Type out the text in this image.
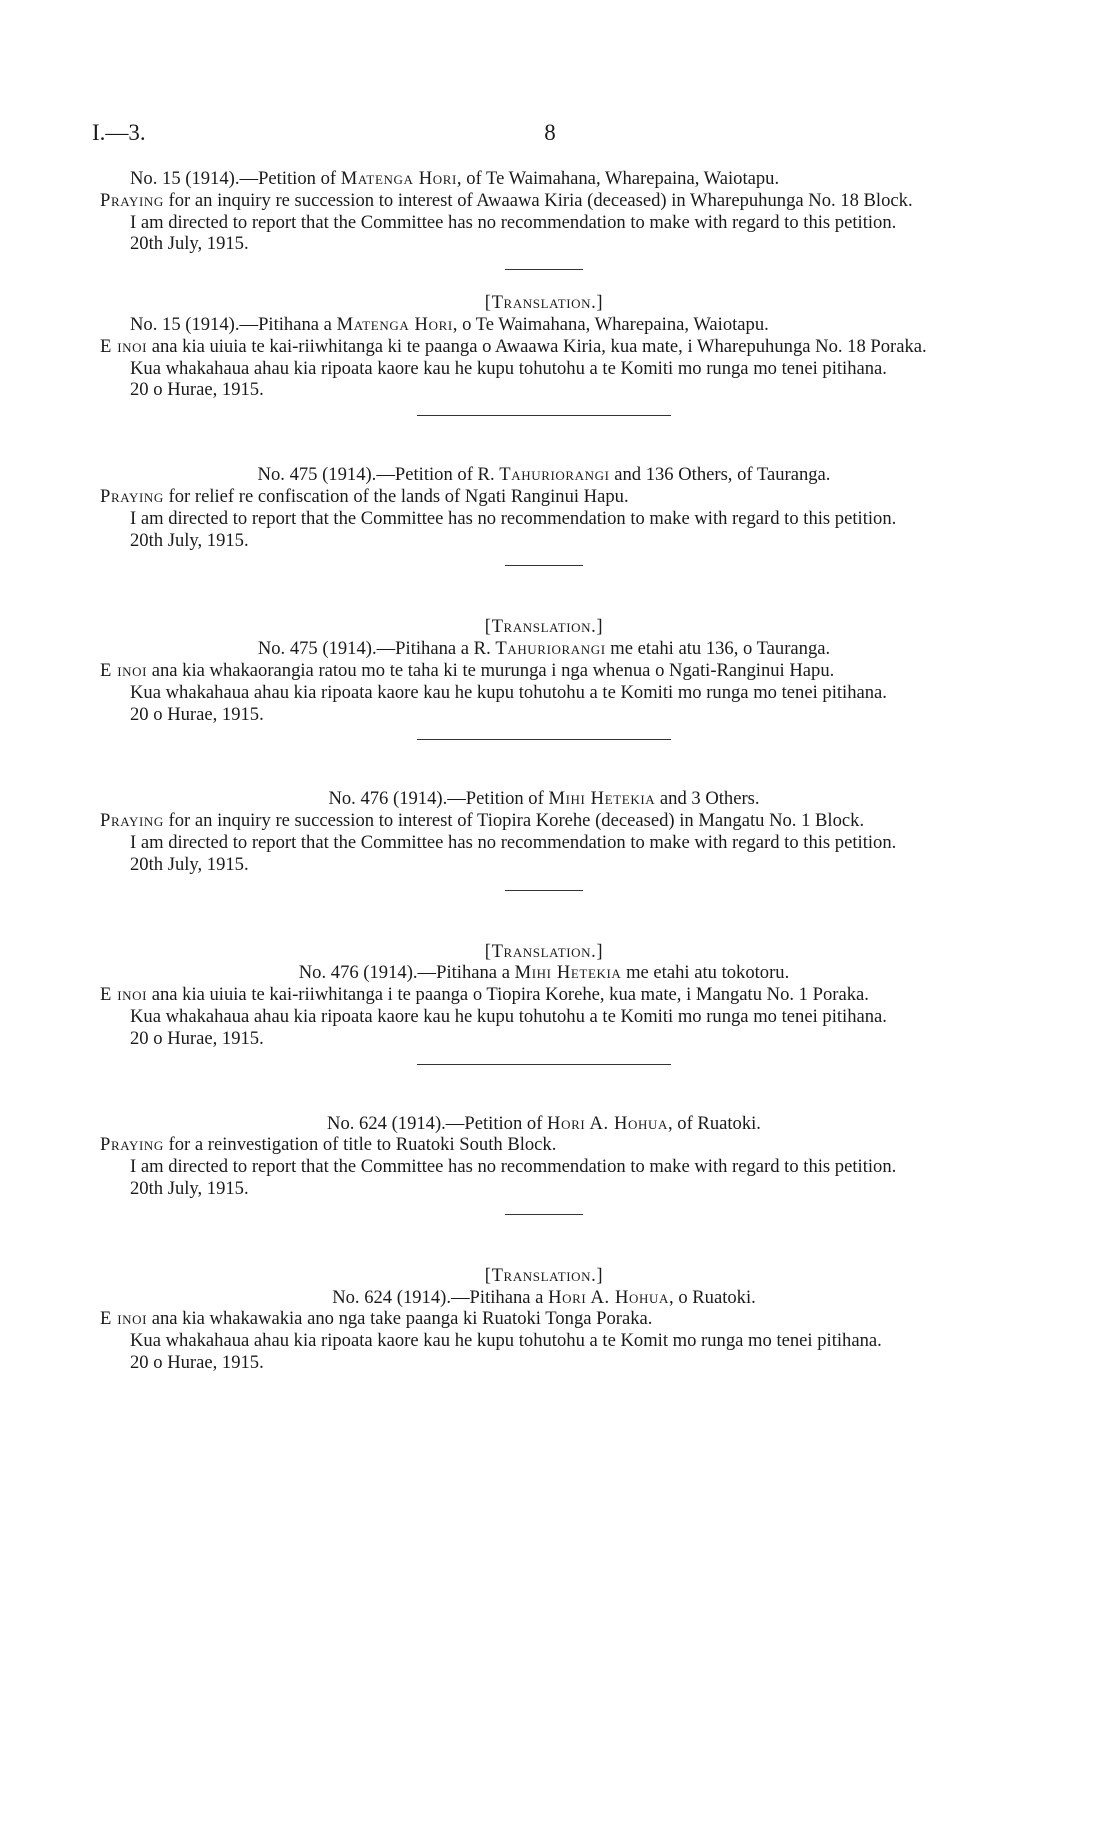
I.—3.	8

No. 15 (1914).—Petition of Matenga Hori, of Te Waimahana, Wharepaina, Waiotapu.

Praying for an inquiry re succession to interest of Awaawa Kiria (deceased) in Wharepuhunga No. 18 Block.

I am directed to report that the Committee has no recommendation to make with regard to this petition.

20th July, 1915.

[Translation.]

No. 15 (1914).—Pitihana a Matenga Hori, o Te Waimahana, Wharepaina, Waiotapu.

E inoi ana kia uiuia te kai-riiwhitanga ki te paanga o Awaawa Kiria, kua mate, i Wharepuhunga No. 18 Poraka.

Kua whakahaua ahau kia ripoata kaore kau he kupu tohutohu a te Komiti mo runga mo tenei pitihana.

20 o Hurae, 1915.

No. 475 (1914).—Petition of R. Tahuriorangi and 136 Others, of Tauranga.

Praying for relief re confiscation of the lands of Ngati Ranginui Hapu.

I am directed to report that the Committee has no recommendation to make with regard to this petition.

20th July, 1915.

[Translation.]

No. 475 (1914).—Pitihana a R. Tahuriorangi me etahi atu 136, o Tauranga.

E inoi ana kia whakaorangia ratou mo te taha ki te murunga i nga whenua o Ngati-Ranginui Hapu.

Kua whakahaua ahau kia ripoata kaore kau he kupu tohutohu a te Komiti mo runga mo tenei pitihana.

20 o Hurae, 1915.

No. 476 (1914).—Petition of Mihi Hetekia and 3 Others.

Praying for an inquiry re succession to interest of Tiopira Korehe (deceased) in Mangatu No. 1 Block.

I am directed to report that the Committee has no recommendation to make with regard to this petition.

20th July, 1915.

[Translation.]

No. 476 (1914).—Pitihana a Mihi Hetekia me etahi atu tokotoru.

E inoi ana kia uiuia te kai-riiwhitanga i te paanga o Tiopira Korehe, kua mate, i Mangatu No. 1 Poraka.

Kua whakahaua ahau kia ripoata kaore kau he kupu tohutohu a te Komiti mo runga mo tenei pitihana.

20 o Hurae, 1915.

No. 624 (1914).—Petition of Hori A. Hohua, of Ruatoki.

Praying for a reinvestigation of title to Ruatoki South Block.

I am directed to report that the Committee has no recommendation to make with regard to this petition.

20th July, 1915.

[Translation.]

No. 624 (1914).—Pitihana a Hori A. Hohua, o Ruatoki.

E inoi ana kia whakawakia ano nga take paanga ki Ruatoki Tonga Poraka.

Kua whakahaua ahau kia ripoata kaore kau he kupu tohutohu a te Komit mo runga mo tenei pitihana.

20 o Hurae, 1915.
